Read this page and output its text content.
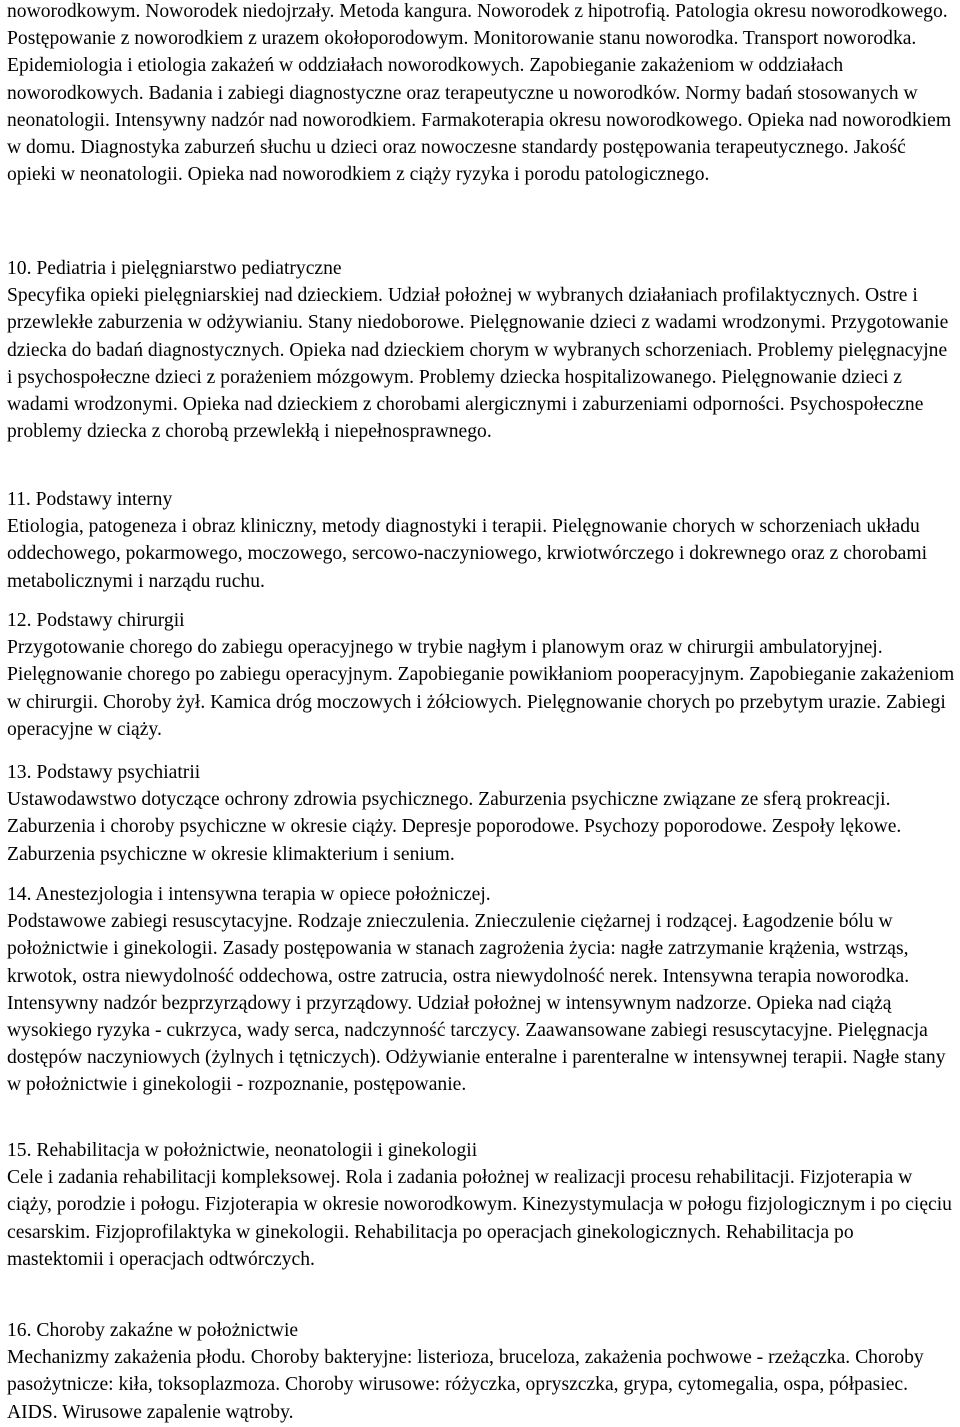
noworodkowym. Noworodek niedojrzały. Metoda kangura. Noworodek z hipotrofią. Patologia okresu noworodkowego. Postępowanie z noworodkiem z urazem okołoporodowym. Monitorowanie stanu noworodka. Transport noworodka. Epidemiologia i etiologia zakażeń w oddziałach noworodkowych. Zapobieganie zakażeniom w oddziałach noworodkowych. Badania i zabiegi diagnostyczne oraz terapeutyczne u noworodków. Normy badań stosowanych w neonatologii. Intensywny nadzór nad noworodkiem. Farmakoterapia okresu noworodkowego. Opieka nad noworodkiem w domu. Diagnostyka zaburzeń słuchu u dzieci oraz nowoczesne standardy postępowania terapeutycznego. Jakość opieki w neonatologii. Opieka nad noworodkiem z ciąży ryzyka i porodu patologicznego.

10. Pediatria i pielęgniarstwo pediatryczne
Specyfika opieki pielęgniarskiej nad dzieckiem. Udział położnej w wybranych działaniach profilaktycznych. Ostre i przewlekłe zaburzenia w odżywianiu. Stany niedoborowe. Pielęgnowanie dzieci z wadami wrodzonymi. Przygotowanie dziecka do badań diagnostycznych. Opieka nad dzieckiem chorym w wybranych schorzeniach. Problemy pielęgnacyjne i psychospołeczne dzieci z porażeniem mózgowym. Problemy dziecka hospitalizowanego. Pielęgnowanie dzieci z wadami wrodzonymi. Opieka nad dzieckiem z chorobami alergicznymi i zaburzeniami odporności. Psychospołeczne problemy dziecka z chorobą przewlekłą i niepełnosprawnego.

11. Podstawy interny
Etiologia, patogeneza i obraz kliniczny, metody diagnostyki i terapii. Pielęgnowanie chorych w schorzeniach układu oddechowego, pokarmowego, moczowego, sercowo-naczyniowego, krwiotwórczego i dokrewnego oraz z chorobami metabolicznymi i narządu ruchu.

12. Podstawy chirurgii
Przygotowanie chorego do zabiegu operacyjnego w trybie nagłym i planowym oraz w chirurgii ambulatoryjnej. Pielęgnowanie chorego po zabiegu operacyjnym. Zapobieganie powikłaniom pooperacyjnym. Zapobieganie zakażeniom w chirurgii. Choroby żył. Kamica dróg moczowych i żółciowych. Pielęgnowanie chorych po przebytym urazie. Zabiegi operacyjne w ciąży.

13. Podstawy psychiatrii
Ustawodawstwo dotyczące ochrony zdrowia psychicznego. Zaburzenia psychiczne związane ze sferą prokreacji. Zaburzenia i choroby psychiczne w okresie ciąży. Depresje poporodowe. Psychozy poporodowe. Zespoły lękowe. Zaburzenia psychiczne w okresie klimakterium i senium.

14. Anestezjologia i intensywna terapia w opiece położniczej.
Podstawowe zabiegi resuscytacyjne. Rodzaje znieczulenia. Znieczulenie ciężarnej i rodzącej. Łagodzenie bólu w położnictwie i ginekologii. Zasady postępowania w stanach zagrożenia życia: nagłe zatrzymanie krążenia, wstrząs, krwotok, ostra niewydolność oddechowa, ostre zatrucia, ostra niewydolność nerek. Intensywna terapia noworodka. Intensywny nadzór bezprzyrządowy i przyrządowy. Udział położnej w intensywnym nadzorze. Opieka nad ciążą wysokiego ryzyka - cukrzyca, wady serca, nadczynność tarczycy. Zaawansowane zabiegi resuscytacyjne. Pielęgnacja dostępów naczyniowych (żylnych i tętniczych). Odżywianie enteralne i parenteralne w intensywnej terapii. Nagłe stany w położnictwie i ginekologii - rozpoznanie, postępowanie.

15. Rehabilitacja w położnictwie, neonatologii i ginekologii
Cele i zadania rehabilitacji kompleksowej. Rola i zadania położnej w realizacji procesu rehabilitacji. Fizjoterapia w ciąży, porodzie i połogu. Fizjoterapia w okresie noworodkowym. Kinezystymulacja w połogu fizjologicznym i po cięciu cesarskim. Fizjoprofilaktyka w ginekologii. Rehabilitacja po operacjach ginekologicznych. Rehabilitacja po mastektomii i operacjach odtwórczych.

16. Choroby zakaźne w położnictwie
Mechanizmy zakażenia płodu. Choroby bakteryjne: listerioza, bruceloza, zakażenia pochwowe - rzeżączka. Choroby pasożytnicze: kiła, toksoplazmoza. Choroby wirusowe: różyczka, opryszczka, grypa, cytomegalia, ospa, półpasiec. AIDS. Wirusowe zapalenie wątroby.
